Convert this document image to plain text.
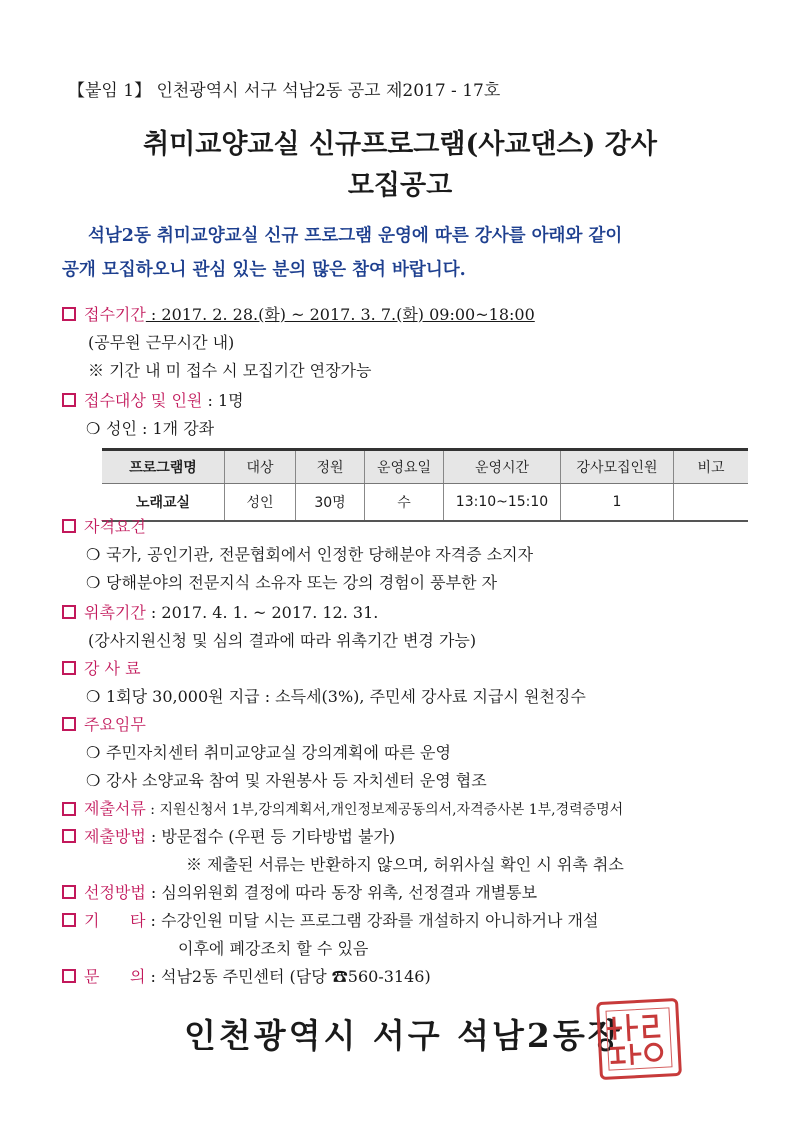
【붙임 1】 인천광역시 서구 석남2동 공고 제2017 - 17호
취미교양교실 신규프로그램(사교댄스) 강사
모집공고
석남2동 취미교양교실 신규 프로그램 운영에 따른 강사를 아래와 같이
공개 모집하오니 관심 있는 분의 많은 참여 바랍니다.
접수기간 : 2017. 2. 28.(화) ~ 2017. 3. 7.(화) 09:00~18:00
(공무원 근무시간 내)
※ 기간 내 미 접수 시 모집기간 연장가능
접수대상 및 인원 : 1명
❍ 성인 : 1개 강좌
프로그램명	대상	정원	운영요일	운영시간	강사모집인원	비고
노래교실	성인	30명	수	13:10~15:10	1	
자격요건
❍ 국가, 공인기관, 전문협회에서 인정한 당해분야 자격증 소지자
❍ 당해분야의 전문지식 소유자 또는 강의 경험이 풍부한 자
위촉기간 : 2017. 4. 1. ~ 2017. 12. 31.
(강사지원신청 및 심의 결과에 따라 위촉기간 변경 가능)
강 사 료
❍ 1회당 30,000원 지급 : 소득세(3%), 주민세 강사료 지급시 원천징수
주요임무
❍ 주민자치센터 취미교양교실 강의계획에 따른 운영
❍ 강사 소양교육 참여 및 자원봉사 등 자치센터 운영 협조
제출서류 : 지원신청서 1부,강의계획서,개인정보제공동의서,자격증사본 1부,경력증명서
제출방법 : 방문접수 (우편 등 기타방법 불가)
※ 제출된 서류는 반환하지 않으며, 허위사실 확인 시 위촉 취소
선정방법 : 심의위원회 결정에 따라 동장 위촉, 선정결과 개별통보
기      타 : 수강인원 미달 시는 프로그램 강좌를 개설하지 아니하거나 개설
이후에 폐강조치 할 수 있음
문      의 : 석남2동 주민센터 (담당 ☎560-3146)
인천광역시 서구 석남2동장
